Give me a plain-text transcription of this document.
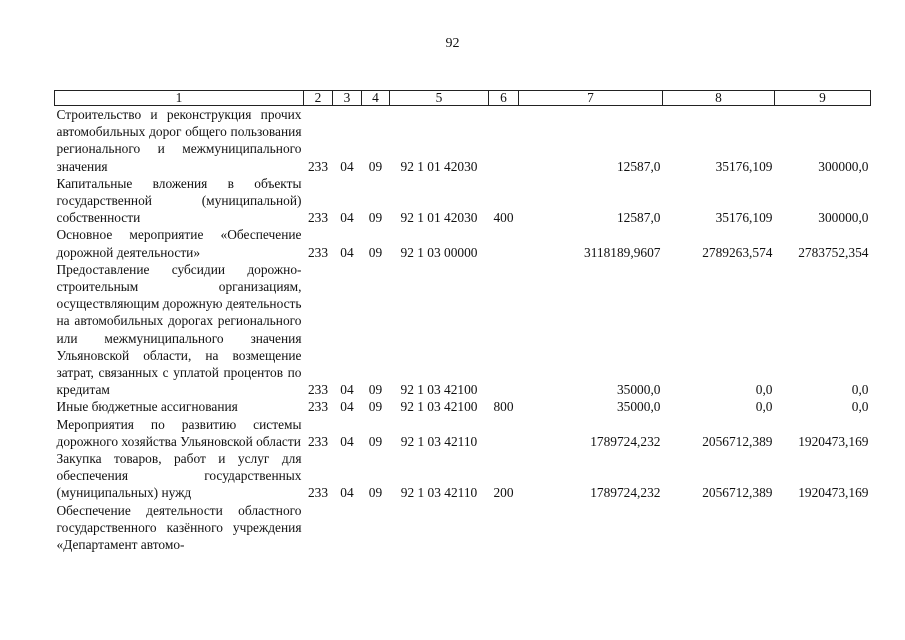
92
1	2	3	4	5	6	7	8	9
Строительство и реконструкция прочих автомобильных дорог общего пользования регионального и межмуниципального значения	233	04	09	92 1 01 42030		12587,0	35176,109	300000,0
Капитальные вложения в объекты государственной (муниципальной) собственности	233	04	09	92 1 01 42030	400	12587,0	35176,109	300000,0
Основное мероприятие «Обеспечение дорожной деятельности»	233	04	09	92 1 03 00000		3118189,9607	2789263,574	2783752,354
Предоставление субсидии дорожно-строительным организациям, осуществляющим дорожную деятельность на автомобильных дорогах регионального или межмуниципального значения Ульяновской области, на возмещение затрат, связанных с уплатой процентов по кредитам	233	04	09	92 1 03 42100		35000,0	0,0	0,0
Иные бюджетные ассигнования	233	04	09	92 1 03 42100	800	35000,0	0,0	0,0
Мероприятия по развитию системы дорожного хозяйства Ульяновской области	233	04	09	92 1 03 42110		1789724,232	2056712,389	1920473,169
Закупка товаров, работ и услуг для обеспечения государственных (муниципальных) нужд	233	04	09	92 1 03 42110	200	1789724,232	2056712,389	1920473,169
Обеспечение деятельности областного государственного казённого учреждения «Департамент автомо-								
